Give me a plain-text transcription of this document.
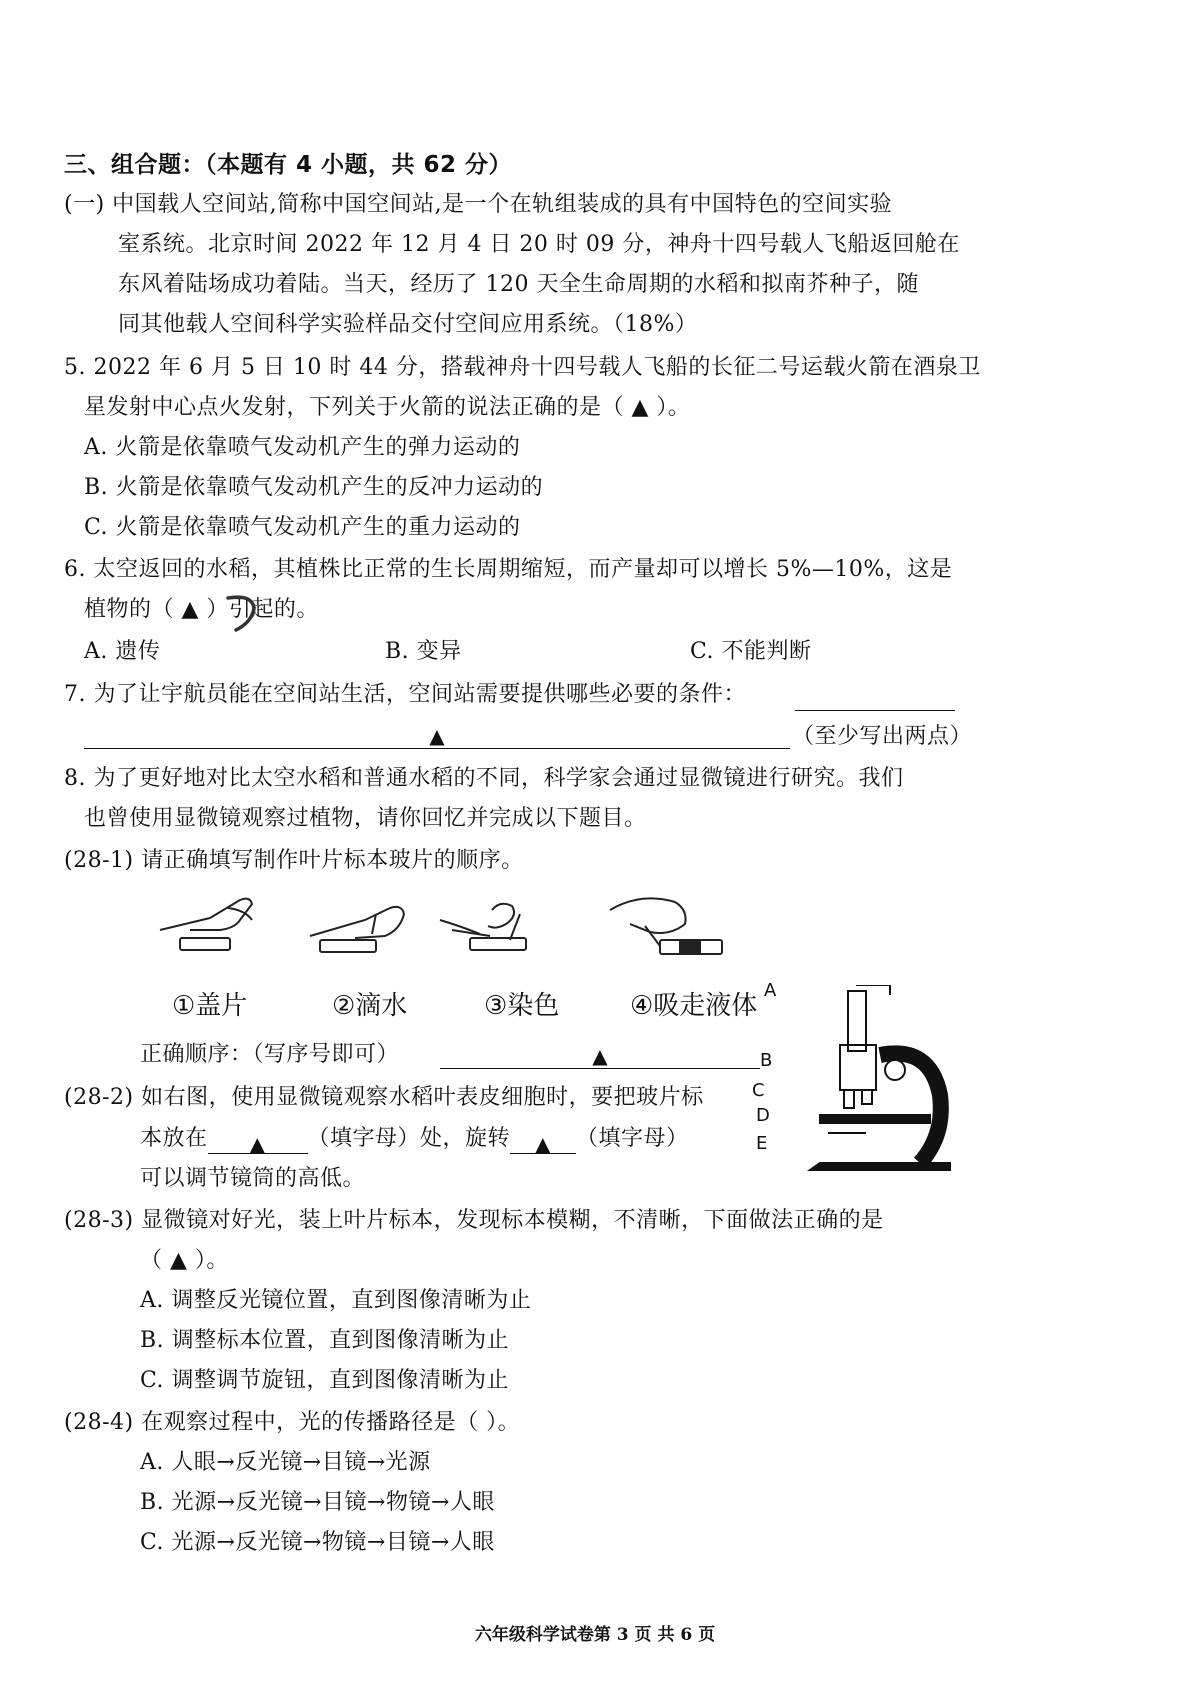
三、组合题：（本题有 4 小题，共 62 分）
(一) 中国载人空间站,简称中国空间站,是一个在轨组装成的具有中国特色的空间实验
室系统。北京时间 2022 年 12 月 4 日 20 时 09 分，神舟十四号载人飞船返回舱在
东风着陆场成功着陆。当天，经历了 120 天全生命周期的水稻和拟南芥种子，随
同其他载人空间科学实验样品交付空间应用系统。（18%）
5. 2022 年 6 月 5 日 10 时 44 分，搭载神舟十四号载人飞船的长征二号运载火箭在酒泉卫
星发射中心点火发射，下列关于火箭的说法正确的是（ ▲ ）。
A. 火箭是依靠喷气发动机产生的弹力运动的
B. 火箭是依靠喷气发动机产生的反冲力运动的
C. 火箭是依靠喷气发动机产生的重力运动的
6. 太空返回的水稻，其植株比正常的生长周期缩短，而产量却可以增长 5%—10%，这是
植物的（ ▲ ）引起的。
A. 遗传	B. 变异	C. 不能判断
7. 为了让宇航员能在空间站生活，空间站需要提供哪些必要的条件：
▲	（至少写出两点）
8. 为了更好地对比太空水稻和普通水稻的不同，科学家会通过显微镜进行研究。我们
也曾使用显微镜观察过植物，请你回忆并完成以下题目。
(28-1) 请正确填写制作叶片标本玻片的顺序。
①盖片	②滴水	③染色	④吸走液体
正确顺序：（写序号即可）	▲
(28-2) 如右图，使用显微镜观察水稻叶表皮细胞时，要把玻片标
本放在 ▲ （填字母）处，旋转 ▲ （填字母）
可以调节镜筒的高低。
A
B
C
D
E
(28-3) 显微镜对好光，装上叶片标本，发现标本模糊，不清晰，下面做法正确的是
（ ▲ ）。
A. 调整反光镜位置，直到图像清晰为止
B. 调整标本位置，直到图像清晰为止
C. 调整调节旋钮，直到图像清晰为止
(28-4) 在观察过程中，光的传播路径是（ ）。
A. 人眼→反光镜→目镜→光源
B. 光源→反光镜→目镜→物镜→人眼
C. 光源→反光镜→物镜→目镜→人眼
六年级科学试卷第 3 页 共 6 页
